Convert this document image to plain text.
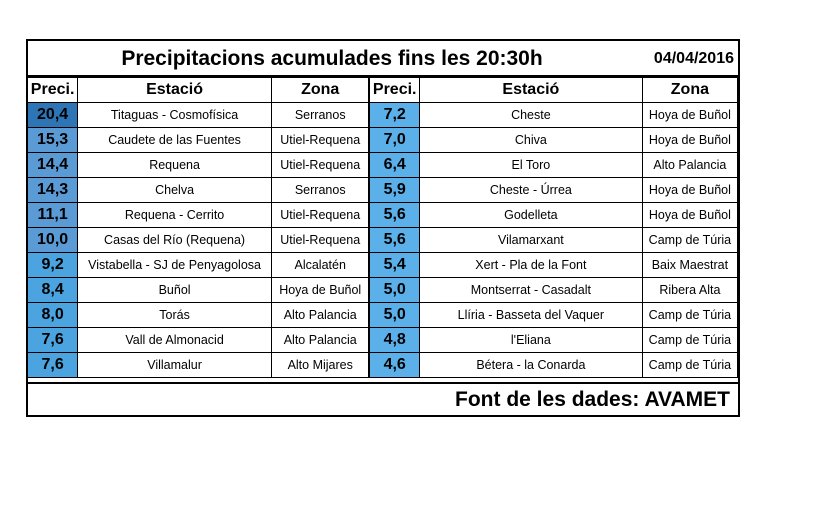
Precipitacions acumulades fins les 20:30h	04/04/2016
Preci.	Estació	Zona	Preci.	Estació	Zona
20,4	Titaguas - Cosmofísica	Serranos	7,2	Cheste	Hoya de Buñol
15,3	Caudete de las Fuentes	Utiel-Requena	7,0	Chiva	Hoya de Buñol
14,4	Requena	Utiel-Requena	6,4	El Toro	Alto Palancia
14,3	Chelva	Serranos	5,9	Cheste - Úrrea	Hoya de Buñol
11,1	Requena - Cerrito	Utiel-Requena	5,6	Godelleta	Hoya de Buñol
10,0	Casas del Río (Requena)	Utiel-Requena	5,6	Vilamarxant	Camp de Túria
9,2	Vistabella - SJ de Penyagolosa	Alcalatén	5,4	Xert - Pla de la Font	Baix Maestrat
8,4	Buñol	Hoya de Buñol	5,0	Montserrat - Casadalt	Ribera Alta
8,0	Torás	Alto Palancia	5,0	Llíria - Basseta del Vaquer	Camp de Túria
7,6	Vall de Almonacid	Alto Palancia	4,8	l'Eliana	Camp de Túria
7,6	Villamalur	Alto Mijares	4,6	Bétera - la Conarda	Camp de Túria
Font de les dades: AVAMET
